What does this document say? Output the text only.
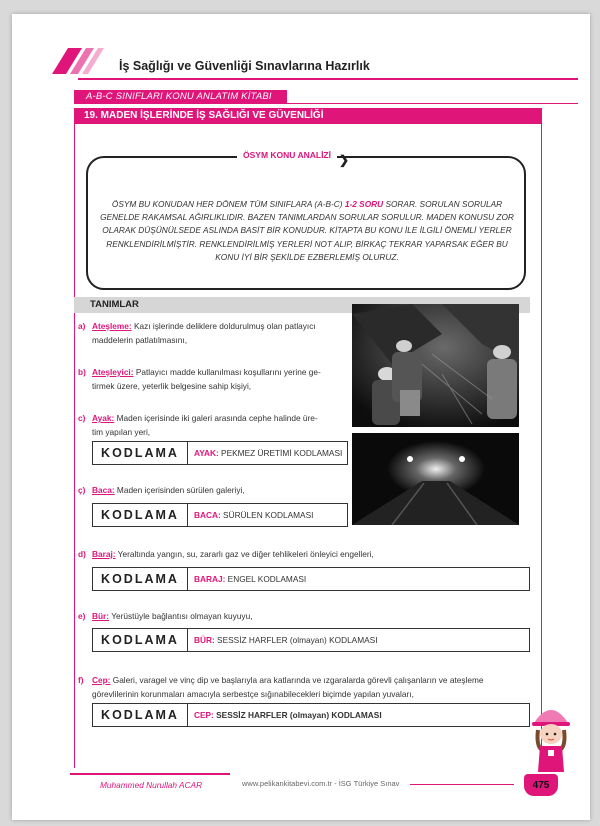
İş Sağlığı ve Güvenliği Sınavlarına Hazırlık
A-B-C SINIFLARI KONU ANLATIM KİTABI
19. MADEN İŞLERİNDE İŞ SAĞLIĞI VE GÜVENLİĞİ
ÖSYM KONU ANALİZİ ❯
ÖSYM BU KONUDAN HER DÖNEM TÜM SINIFLARA (A-B-C) 1-2 SORU SORAR. SORULAN SORULAR GENELDE RAKAMSAL AĞIRLIKLIDIR. BAZEN TANIMLARDAN SORULAR SORULUR. MADEN KONUSU ZOR OLARAK DÜŞÜNÜLSEDE ASLINDA BASİT BİR KONUDUR. KİTAPTA BU KONU İLE İLGİLİ ÖNEMLİ YERLER RENKLENDİRİLMİŞTİR. RENKLENDİRİLMİŞ YERLERİ NOT ALIP, BİRKAÇ TEKRAR YAPARSAK EĞER BU KONU İYİ BİR ŞEKİLDE EZBERLEMİŞ OLURUZ.
TANIMLAR
a) Ateşleme: Kazı işlerinde deliklere doldurulmuş olan patlayıcı
maddelerin patlatılmasını,
b) Ateşleyici: Patlayıcı madde kullanılması koşullarını yerine ge-
tirmek üzere, yeterlik belgesine sahip kişiyi,
c) Ayak: Maden içerisinde iki galeri arasında cephe halinde üre-
tim yapılan yeri,
KODLAMA	AYAK: PEKMEZ ÜRETİMİ KODLAMASI
ç) Baca: Maden içerisinden sürülen galeriyi,
KODLAMA	BACA: SÜRÜLEN KODLAMASI
d) Baraj: Yeraltında yangın, su, zararlı gaz ve diğer tehlikeleri önleyici engelleri,
KODLAMA	BARAJ: ENGEL KODLAMASI
e) Bür: Yerüstüyle bağlantısı olmayan kuyuyu,
KODLAMA	BÜR: SESSİZ HARFLER (olmayan) KODLAMASI
f) Cep: Galeri, varagel ve vinç dip ve başlarıyla ara katlarında ve ızgaralarda görevli çalışanların ve ateşleme
görevlilerinin korunmaları amacıyla serbestçe sığınabilecekleri biçimde yapılan yuvaları,
KODLAMA	CEP: SESSİZ HARFLER (olmayan) KODLAMASI
Muhammed Nurullah ACAR	www.pelikankitabevi.com.tr - İSG Türkiye Sınav	475
